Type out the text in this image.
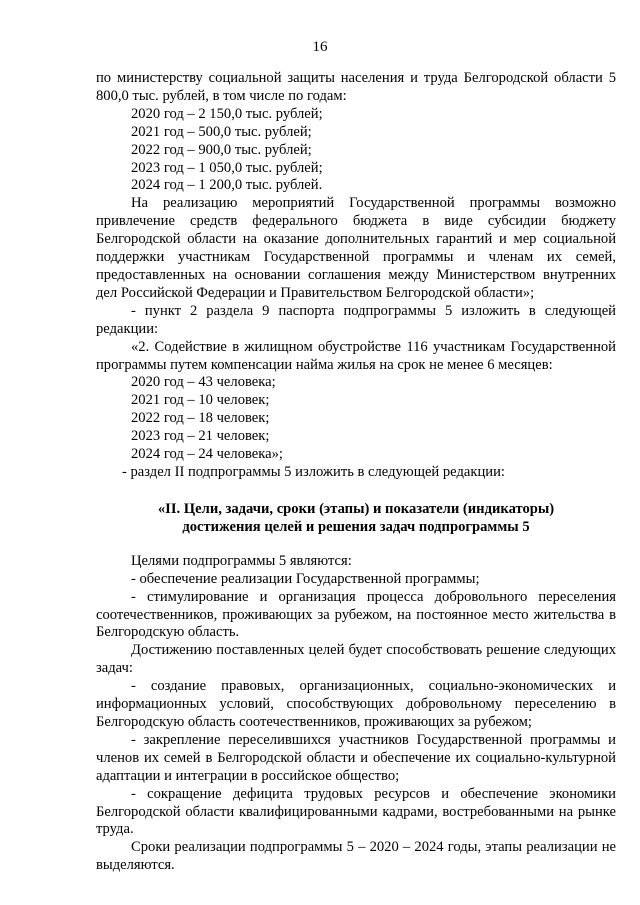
16

по министерству социальной защиты населения и труда Белгородской области 5 800,0 тыс. рублей, в том числе по годам:

2020 год – 2 150,0 тыс. рублей;

2021 год – 500,0 тыс. рублей;

2022 год – 900,0 тыс. рублей;

2023 год – 1 050,0 тыс. рублей;

2024 год – 1 200,0 тыс. рублей.

На реализацию мероприятий Государственной программы возможно привлечение средств федерального бюджета в виде субсидии бюджету Белгородской области на оказание дополнительных гарантий и мер социальной поддержки участникам Государственной программы и членам их семей, предоставленных на основании соглашения между Министерством внутренних дел Российской Федерации и Правительством Белгородской области»;

- пункт 2 раздела 9 паспорта подпрограммы 5 изложить в следующей редакции:

«2. Содействие в жилищном обустройстве 116 участникам Государственной программы путем компенсации найма жилья на срок не менее 6 месяцев:

2020 год – 43 человека;

2021 год – 10 человек;

2022 год – 18 человек;

2023 год – 21 человек;

2024 год – 24 человека»;

- раздел II подпрограммы 5 изложить в следующей редакции:

«II. Цели, задачи, сроки (этапы) и показатели (индикаторы)
достижения целей и решения задач подпрограммы 5

Целями подпрограммы 5 являются:

- обеспечение реализации Государственной программы;

- стимулирование и организация процесса добровольного переселения соотечественников, проживающих за рубежом, на постоянное место жительства в Белгородскую область.

Достижению поставленных целей будет способствовать решение следующих задач:

- создание правовых, организационных, социально-экономических и информационных условий, способствующих добровольному переселению в Белгородскую область соотечественников, проживающих за рубежом;

- закрепление переселившихся участников Государственной программы и членов их семей в Белгородской области и обеспечение их социально-культурной адаптации и интеграции в российское общество;

- сокращение дефицита трудовых ресурсов и обеспечение экономики Белгородской области квалифицированными кадрами, востребованными на рынке труда.

Сроки реализации подпрограммы 5 – 2020 – 2024 годы, этапы реализации не выделяются.
